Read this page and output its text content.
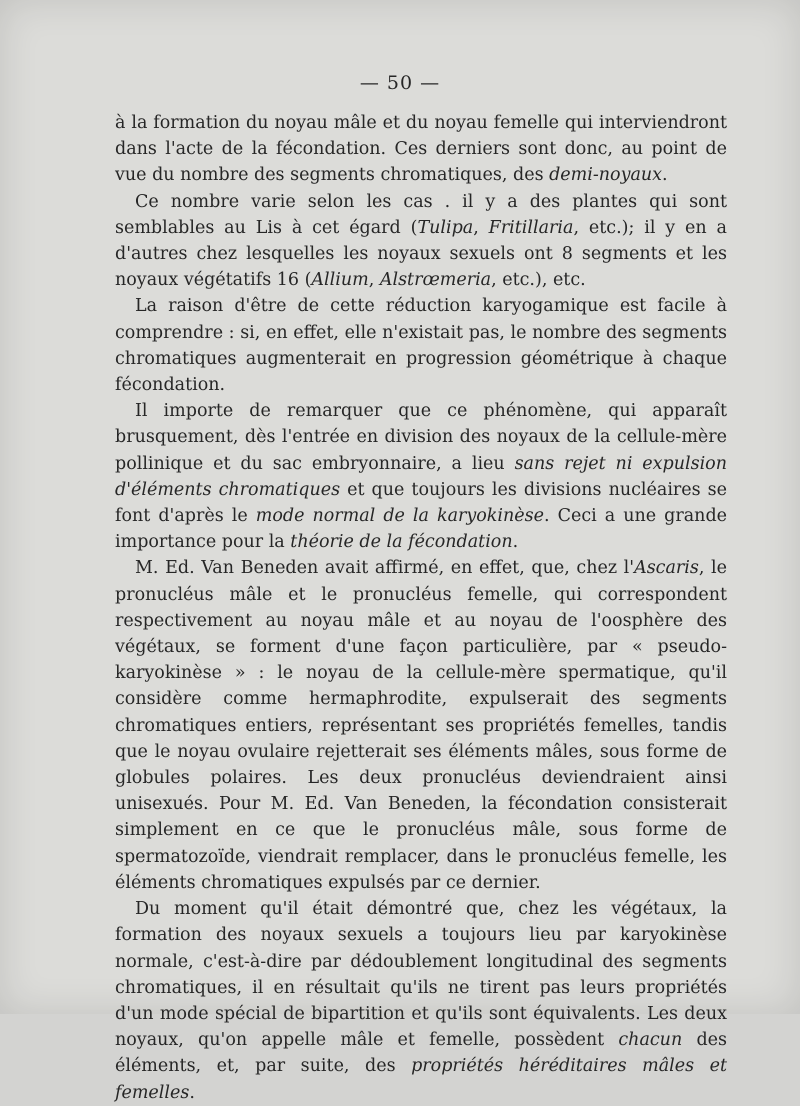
— 50 —

à la formation du noyau mâle et du noyau femelle qui interviendront dans l'acte de la fécondation. Ces derniers sont donc, au point de vue du nombre des segments chromatiques, des demi-noyaux.

Ce nombre varie selon les cas . il y a des plantes qui sont semblables au Lis à cet égard (Tulipa, Fritillaria, etc.); il y en a d'autres chez lesquelles les noyaux sexuels ont 8 segments et les noyaux végétatifs 16 (Allium, Alstrœmeria, etc.), etc.

La raison d'être de cette réduction karyogamique est facile à comprendre : si, en effet, elle n'existait pas, le nombre des segments chromatiques augmenterait en progression géométrique à chaque fécondation.

Il importe de remarquer que ce phénomène, qui apparaît brusquement, dès l'entrée en division des noyaux de la cellule-mère pollinique et du sac embryonnaire, a lieu sans rejet ni expulsion d'éléments chromatiques et que toujours les divisions nucléaires se font d'après le mode normal de la karyokinèse. Ceci a une grande importance pour la théorie de la fécondation.

M. Ed. Van Beneden avait affirmé, en effet, que, chez l'Ascaris, le pronucléus mâle et le pronucléus femelle, qui correspondent respectivement au noyau mâle et au noyau de l'oosphère des végétaux, se forment d'une façon particulière, par « pseudo-karyokinèse » : le noyau de la cellule-mère spermatique, qu'il considère comme hermaphrodite, expulserait des segments chromatiques entiers, représentant ses propriétés femelles, tandis que le noyau ovulaire rejetterait ses éléments mâles, sous forme de globules polaires. Les deux pronucléus deviendraient ainsi unisexués. Pour M. Ed. Van Beneden, la fécondation consisterait simplement en ce que le pronucléus mâle, sous forme de spermatozoïde, viendrait remplacer, dans le pronucléus femelle, les éléments chromatiques expulsés par ce dernier.

Du moment qu'il était démontré que, chez les végétaux, la formation des noyaux sexuels a toujours lieu par karyokinèse normale, c'est-à-dire par dédoublement longitudinal des segments chromatiques, il en résultait qu'ils ne tirent pas leurs propriétés d'un mode spécial de bipartition et qu'ils sont équivalents. Les deux noyaux, qu'on appelle mâle et femelle, possèdent chacun des éléments, et, par suite, des propriétés héréditaires mâles et femelles.
